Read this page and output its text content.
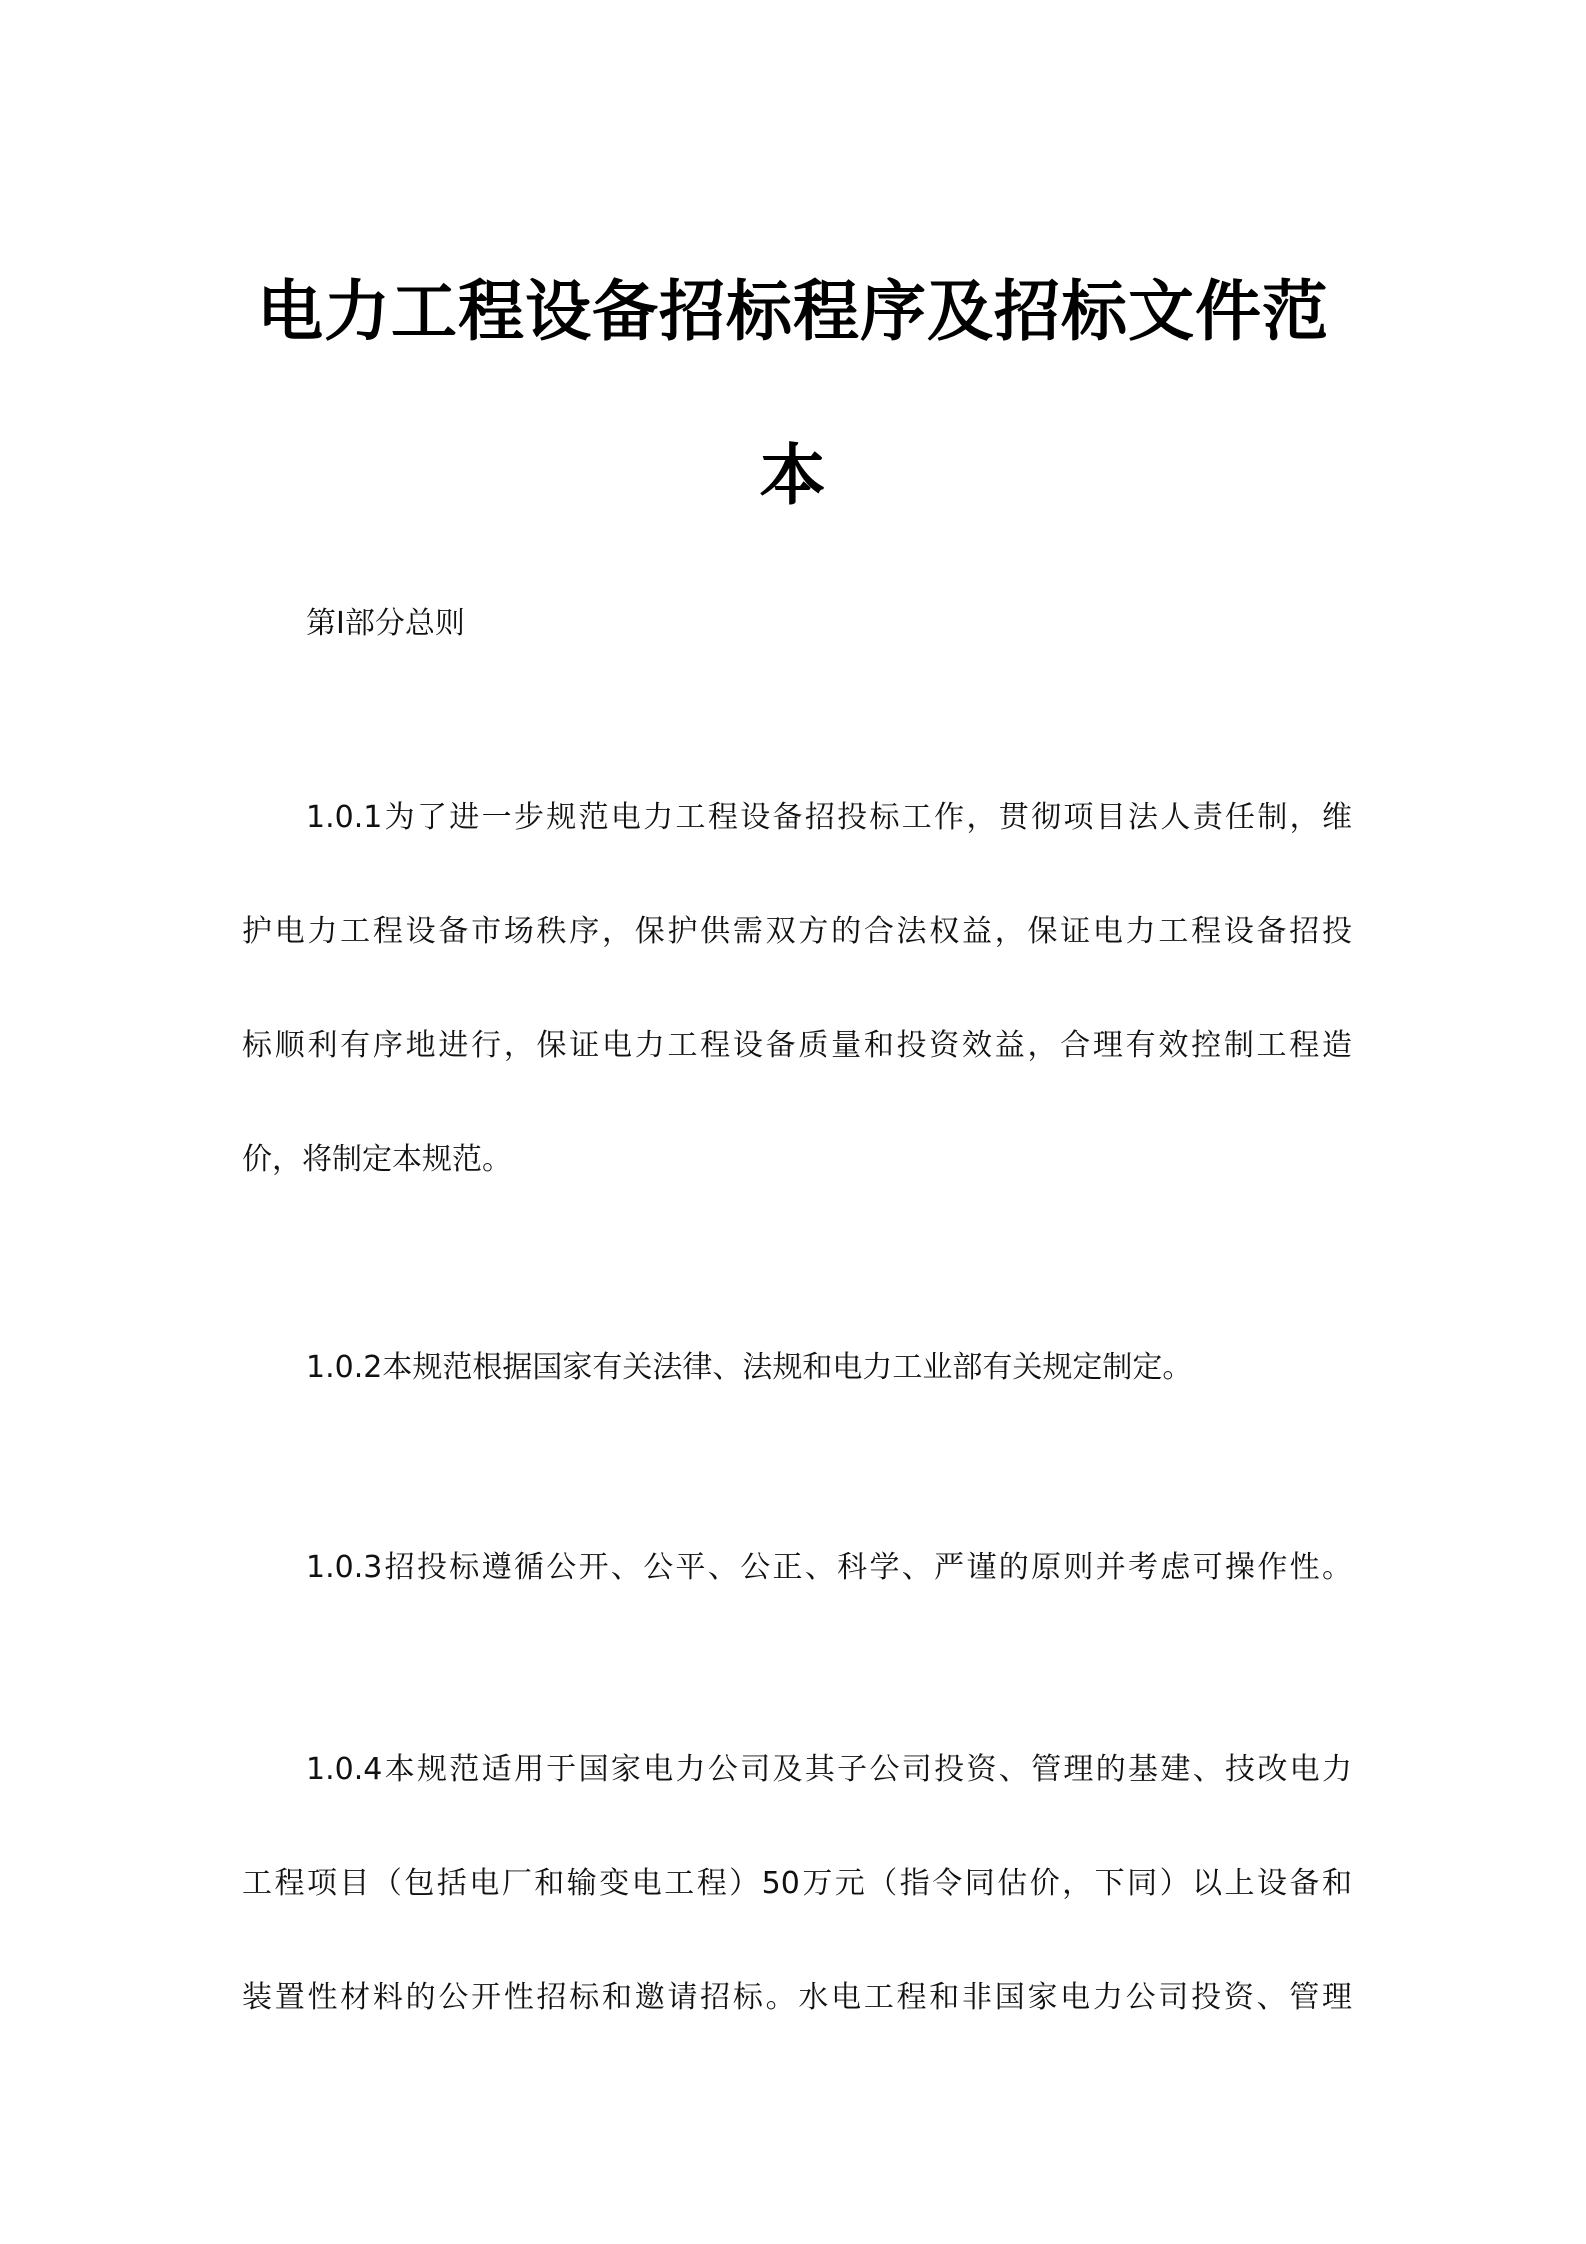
电力工程设备招标程序及招标文件范
本
第I部分总则
1.0.1为了进一步规范电力工程设备招投标工作，贯彻项目法人责任制，维
护电力工程设备市场秩序，保护供需双方的合法权益，保证电力工程设备招投
标顺利有序地进行，保证电力工程设备质量和投资效益，合理有效控制工程造
价，将制定本规范。
1.0.2本规范根据国家有关法律、法规和电力工业部有关规定制定。
1.0.3招投标遵循公开、公平、公正、科学、严谨的原则并考虑可操作性。
1.0.4本规范适用于国家电力公司及其子公司投资、管理的基建、技改电力
工程项目（包括电厂和输变电工程）50万元（指令同估价，下同）以上设备和
装置性材料的公开性招标和邀请招标。水电工程和非国家电力公司投资、管理
